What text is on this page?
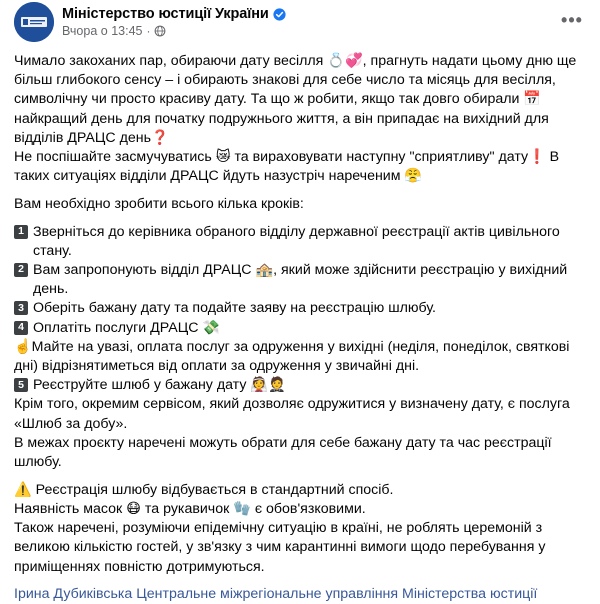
Міністерство юстиції України
Вчора о 13:45 ·
•••

Чимало закоханих пар, обираючи дату весілля 💍💞, прагнуть надати цьому дню ще більш глибокого сенсу – і обирають знакові для себе число та місяць для весілля, символічну чи просто красиву дату. Та що ж робити, якщо так довго обирали 📅 найкращий день для початку подружнього життя, а він припадає на вихідний для відділів ДРАЦС день❓

Не поспішайте засмучуватись 😿 та вираховувати наступну "сприятливу" дату❗ В таких ситуаціях відділи ДРАЦС йдуть назустріч нареченим 😤

Вам необхідно зробити всього кілька кроків:

1 Зверніться до керівника обраного відділу державної реєстрації актів цивільного стану.
2 Вам запропонують відділ ДРАЦС 🏤, який може здійснити реєстрацію у вихідний день.
3 Оберіть бажану дату та подайте заяву на реєстрацію шлюбу.
4 Оплатіть послуги ДРАЦС 💸

☝️Майте на увазі, оплата послуг за одруження у вихідні (неділя, понеділок, святкові дні) відрізнятиметься від оплати за одруження у звичайні дні.

5 Реєструйте шлюб у бажану дату 👰🤵

Крім того, окремим сервісом, який дозволяє одружитися у визначену дату, є послуга «Шлюб за добу».

В межах проєкту наречені можуть обрати для себе бажану дату та час реєстрації шлюбу.

⚠️ Реєстрація шлюбу відбувається в стандартний спосіб.

Наявність масок 😷 та рукавичок 🧤 є обов'язковими.

Також наречені, розуміючи епідемічну ситуацію в країні, не роблять церемоній з великою кількістю гостей, у зв'язку з чим карантинні вимоги щодо перебування у приміщеннях повністю дотримуються.

Ірина Дубиківська Центральне міжрегіональне управління Міністерства юстиції
